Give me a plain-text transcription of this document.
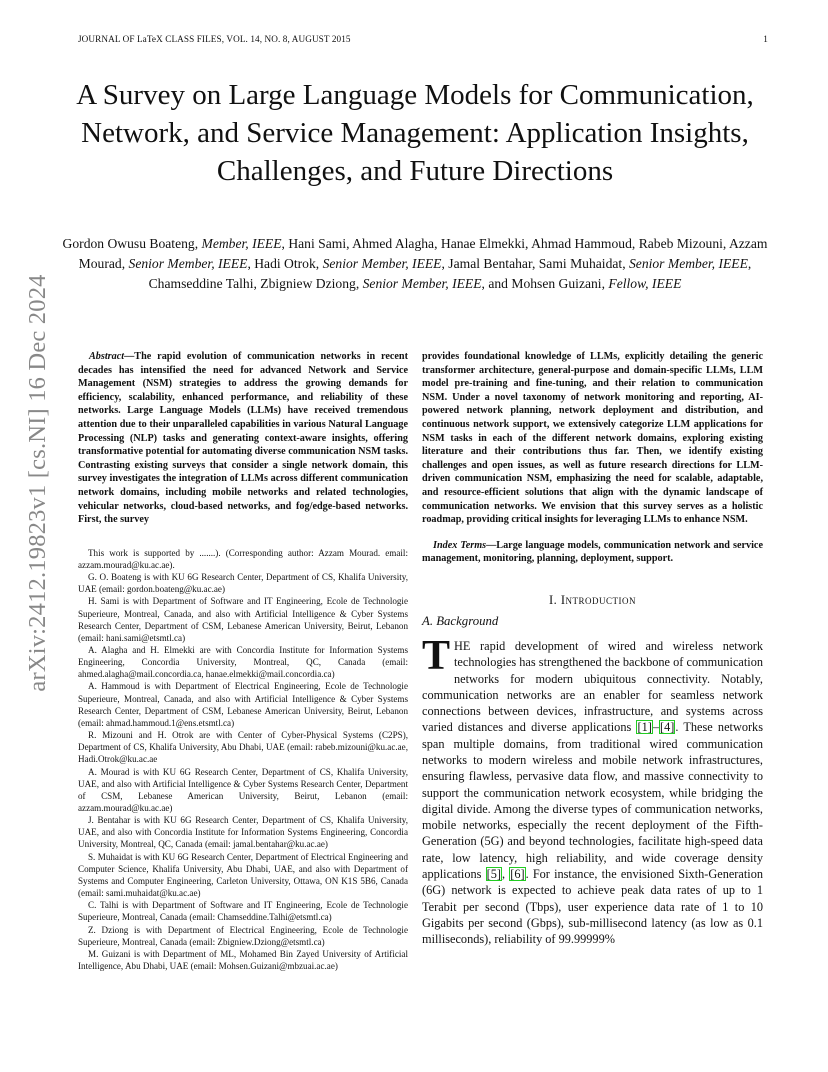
JOURNAL OF LaTeX CLASS FILES, VOL. 14, NO. 8, AUGUST 2015	1
arXiv:2412.19823v1 [cs.NI] 16 Dec 2024
A Survey on Large Language Models for Communication, Network, and Service Management: Application Insights, Challenges, and Future Directions
Gordon Owusu Boateng, Member, IEEE, Hani Sami, Ahmed Alagha, Hanae Elmekki, Ahmad Hammoud, Rabeb Mizouni, Azzam Mourad, Senior Member, IEEE, Hadi Otrok, Senior Member, IEEE, Jamal Bentahar, Sami Muhaidat, Senior Member, IEEE, Chamseddine Talhi, Zbigniew Dziong, Senior Member, IEEE, and Mohsen Guizani, Fellow, IEEE

Abstract—The rapid evolution of communication networks in recent decades has intensified the need for advanced Network and Service Management (NSM) strategies to address the growing demands for efficiency, scalability, enhanced performance, and reliability of these networks. Large Language Models (LLMs) have received tremendous attention due to their unparalleled capabilities in various Natural Language Processing (NLP) tasks and generating context-aware insights, offering transformative potential for automating diverse communication NSM tasks. Contrasting existing surveys that consider a single network domain, this survey investigates the integration of LLMs across different communication network domains, including mobile networks and related technologies, vehicular networks, cloud-based networks, and fog/edge-based networks. First, the survey

This work is supported by .......). (Corresponding author: Azzam Mourad. email: azzam.mourad@ku.ac.ae).

G. O. Boateng is with KU 6G Research Center, Department of CS, Khalifa University, UAE (email: gordon.boateng@ku.ac.ae)

H. Sami is with Department of Software and IT Engineering, Ecole de Technologie Superieure, Montreal, Canada, and also with Artificial Intelligence & Cyber Systems Research Center, Department of CSM, Lebanese American University, Beirut, Lebanon (email: hani.sami@etsmtl.ca)

A. Alagha and H. Elmekki are with Concordia Institute for Information Systems Engineering, Concordia University, Montreal, QC, Canada (email: ahmed.alagha@mail.concordia.ca, hanae.elmekki@mail.concordia.ca)

A. Hammoud is with Department of Electrical Engineering, Ecole de Technologie Superieure, Montreal, Canada, and also with Artificial Intelligence & Cyber Systems Research Center, Department of CSM, Lebanese American University, Beirut, Lebanon (email: ahmad.hammoud.1@ens.etsmtl.ca)

R. Mizouni and H. Otrok are with Center of Cyber-Physical Systems (C2PS), Department of CS, Khalifa University, Abu Dhabi, UAE (email: rabeb.mizouni@ku.ac.ae, Hadi.Otrok@ku.ac.ae

A. Mourad is with KU 6G Research Center, Department of CS, Khalifa University, UAE, and also with Artificial Intelligence & Cyber Systems Research Center, Department of CSM, Lebanese American University, Beirut, Lebanon (email: azzam.mourad@ku.ac.ae)

J. Bentahar is with KU 6G Research Center, Department of CS, Khalifa University, UAE, and also with Concordia Institute for Information Systems Engineering, Concordia University, Montreal, QC, Canada (email: jamal.bentahar@ku.ac.ae)

S. Muhaidat is with KU 6G Research Center, Department of Electrical Engineering and Computer Science, Khalifa University, Abu Dhabi, UAE, and also with Department of Systems and Computer Engineering, Carleton University, Ottawa, ON K1S 5B6, Canada (email: sami.muhaidat@ku.ac.ae)

C. Talhi is with Department of Software and IT Engineering, Ecole de Technologie Superieure, Montreal, Canada (email: Chamseddine.Talhi@etsmtl.ca)

Z. Dziong is with Department of Electrical Engineering, Ecole de Technologie Superieure, Montreal, Canada (email: Zbigniew.Dziong@etsmtl.ca)

M. Guizani is with Department of ML, Mohamed Bin Zayed University of Artificial Intelligence, Abu Dhabi, UAE (email: Mohsen.Guizani@mbzuai.ac.ae)

provides foundational knowledge of LLMs, explicitly detailing the generic transformer architecture, general-purpose and domain-specific LLMs, LLM model pre-training and fine-tuning, and their relation to communication NSM. Under a novel taxonomy of network monitoring and reporting, AI-powered network planning, network deployment and distribution, and continuous network support, we extensively categorize LLM applications for NSM tasks in each of the different network domains, exploring existing literature and their contributions thus far. Then, we identify existing challenges and open issues, as well as future research directions for LLM-driven communication NSM, emphasizing the need for scalable, adaptable, and resource-efficient solutions that align with the dynamic landscape of communication networks. We envision that this survey serves as a holistic roadmap, providing critical insights for leveraging LLMs to enhance NSM.

Index Terms—Large language models, communication network and service management, monitoring, planning, deployment, support.

I. Introduction
A. Background
THE rapid development of wired and wireless network technologies has strengthened the backbone of communication networks for modern ubiquitous connectivity. Notably, communication networks are an enabler for seamless network connections between devices, infrastructure, and systems across varied distances and diverse applications [1]–[4]. These networks span multiple domains, from traditional wired communication networks to modern wireless and mobile network infrastructures, ensuring flawless, pervasive data flow, and massive connectivity to support the communication network ecosystem, while bridging the digital divide. Among the diverse types of communication networks, mobile networks, especially the recent deployment of the Fifth-Generation (5G) and beyond technologies, facilitate high-speed data rate, low latency, high reliability, and wide coverage density applications [5], [6]. For instance, the envisioned Sixth-Generation (6G) network is expected to achieve peak data rates of up to 1 Terabit per second (Tbps), user experience data rate of 1 to 10 Gigabits per second (Gbps), sub-millisecond latency (as low as 0.1 milliseconds), reliability of 99.99999%
